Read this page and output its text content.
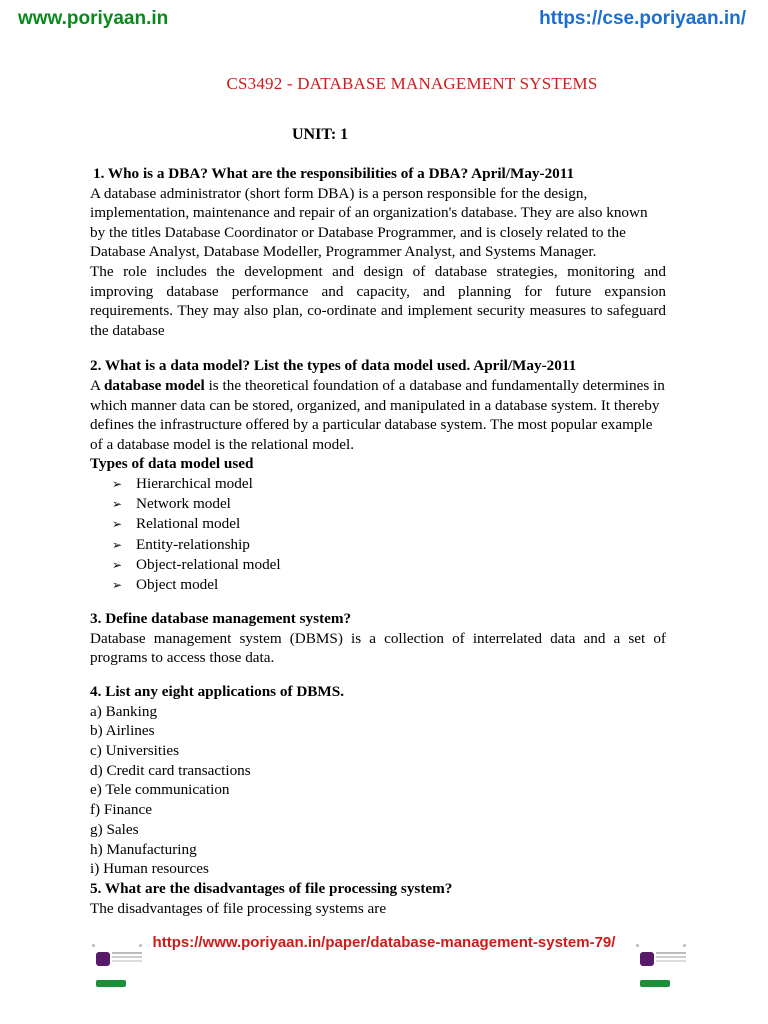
www.poriyaan.in	https://cse.poriyaan.in/
CS3492 - DATABASE MANAGEMENT SYSTEMS
UNIT: 1

1. Who is a DBA? What are the responsibilities of a DBA? April/May-2011

A database administrator (short form DBA) is a person responsible for the design, implementation, maintenance and repair of an organization's database. They are also known by the titles Database Coordinator or Database Programmer, and is closely related to the Database Analyst, Database Modeller, Programmer Analyst, and Systems Manager.

The role includes the development and design of database strategies, monitoring and improving database performance and capacity, and planning for future expansion requirements. They may also plan, co-ordinate and implement security measures to safeguard the database

2. What is a data model? List the types of data model used. April/May-2011

A database model is the theoretical foundation of a database and fundamentally determines in which manner data can be stored, organized, and manipulated in a database system. It thereby defines the infrastructure offered by a particular database system. The most popular example of a database model is the relational model.

Types of data model used

➢ Hierarchical model
➢ Network model
➢ Relational model
➢ Entity-relationship
➢ Object-relational model
➢ Object model

3. Define database management system?

Database management system (DBMS) is a collection of interrelated data and a set of programs to access those data.

4. List any eight applications of DBMS.

a) Banking

b) Airlines

c) Universities

d) Credit card transactions

e) Tele communication

f) Finance

g) Sales

h) Manufacturing

i) Human resources

5. What are the disadvantages of file processing system?

The disadvantages of file processing systems are

https://www.poriyaan.in/paper/database-management-system-79/
